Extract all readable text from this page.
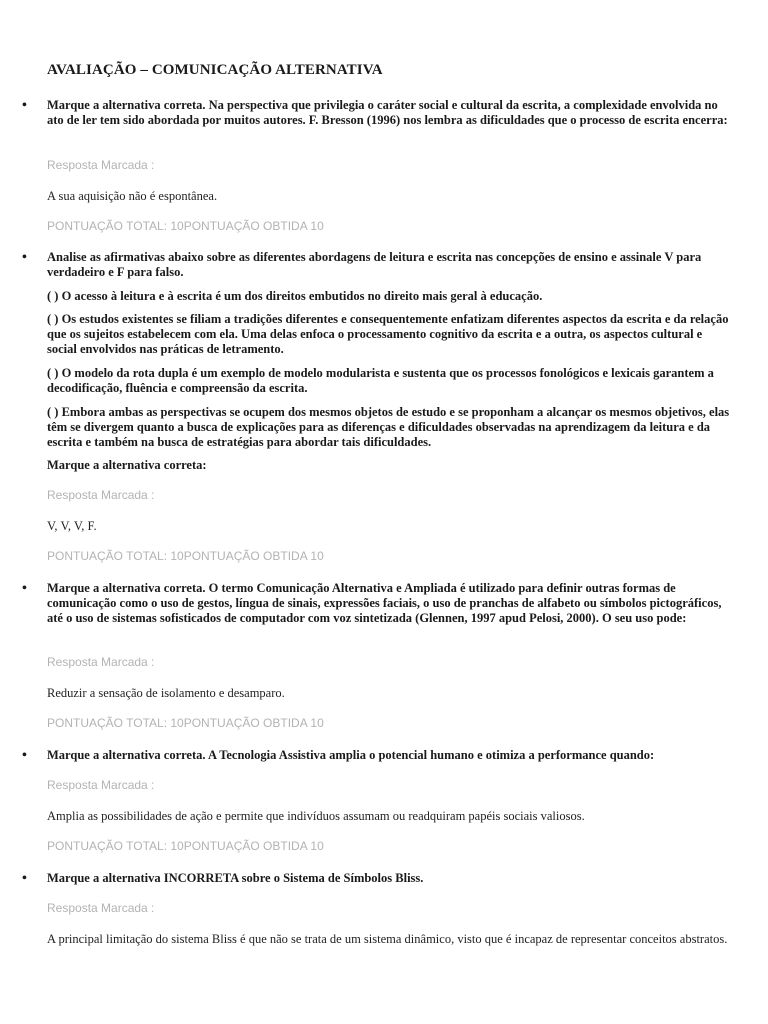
AVALIAÇÃO – COMUNICAÇÃO ALTERNATIVA
• Marque a alternativa correta. Na perspectiva que privilegia o caráter social e cultural da escrita, a complexidade envolvida no ato de ler tem sido abordada por muitos autores. F. Bresson (1996) nos lembra as dificuldades que o processo de escrita encerra:

Resposta Marcada :
A sua aquisição não é espontânea.
PONTUAÇÃO TOTAL: 10PONTUAÇÃO OBTIDA 10
• Analise as afirmativas abaixo sobre as diferentes abordagens de leitura e escrita nas concepções de ensino e assinale V para verdadeiro e F para falso.

( ) O acesso à leitura e à escrita é um dos direitos embutidos no direito mais geral à educação.

( ) Os estudos existentes se filiam a tradições diferentes e consequentemente enfatizam diferentes aspectos da escrita e da relação que os sujeitos estabelecem com ela. Uma delas enfoca o processamento cognitivo da escrita e a outra, os aspectos cultural e social envolvidos nas práticas de letramento.

( ) O modelo da rota dupla é um exemplo de modelo modularista e sustenta que os processos fonológicos e lexicais garantem a decodificação, fluência e compreensão da escrita.

( ) Embora ambas as perspectivas se ocupem dos mesmos objetos de estudo e se proponham a alcançar os mesmos objetivos, elas têm se divergem quanto a busca de explicações para as diferenças e dificuldades observadas na aprendizagem da leitura e da escrita e também na busca de estratégias para abordar tais dificuldades.

Marque a alternativa correta:

Resposta Marcada :
V, V, V, F.
PONTUAÇÃO TOTAL: 10PONTUAÇÃO OBTIDA 10
• Marque a alternativa correta. O termo Comunicação Alternativa e Ampliada é utilizado para definir outras formas de comunicação como o uso de gestos, língua de sinais, expressões faciais, o uso de pranchas de alfabeto ou símbolos pictográficos, até o uso de sistemas sofisticados de computador com voz sintetizada (Glennen, 1997 apud Pelosi, 2000). O seu uso pode:

Resposta Marcada :
Reduzir a sensação de isolamento e desamparo.
PONTUAÇÃO TOTAL: 10PONTUAÇÃO OBTIDA 10
• Marque a alternativa correta. A Tecnologia Assistiva amplia o potencial humano e otimiza a performance quando:

Resposta Marcada :
Amplia as possibilidades de ação e permite que indivíduos assumam ou readquiram papéis sociais valiosos.
PONTUAÇÃO TOTAL: 10PONTUAÇÃO OBTIDA 10
• Marque a alternativa INCORRETA sobre o Sistema de Símbolos Bliss.

Resposta Marcada :
A principal limitação do sistema Bliss é que não se trata de um sistema dinâmico, visto que é incapaz de representar conceitos abstratos.
